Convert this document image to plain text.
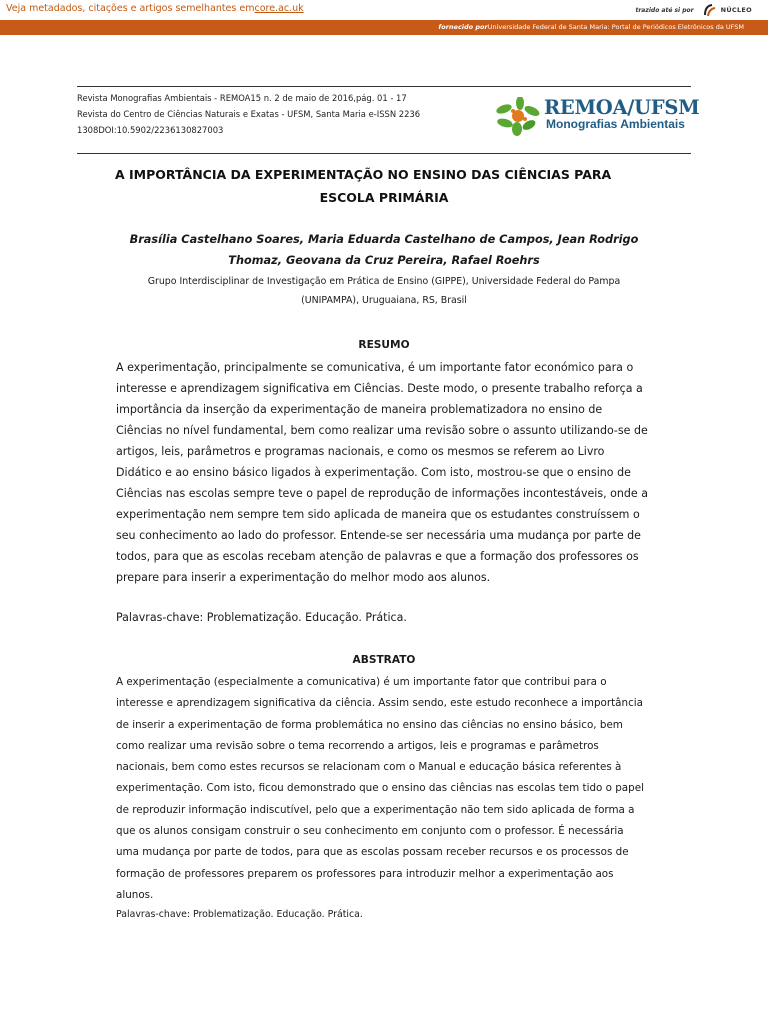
Veja metadados, citações e artigos semelhantes emcore.ac.uk	trazido até si por	NÚCLEO
fornecido porUniversidade Federal de Santa Maria: Portal de Periódicos Eletrônicos da UFSM
Revista Monografias Ambientais - REMOA15 n. 2 de maio de 2016,pág. 01 - 17
Revista do Centro de Ciências Naturais e Exatas - UFSM, Santa Maria e-ISSN 2236
1308DOI:10.5902/2236130827003
REMOA/UFSM
Monografias Ambientais
A IMPORTÂNCIA DA EXPERIMENTAÇÃO NO ENSINO DAS CIÊNCIAS PARA
ESCOLA PRIMÁRIA
Brasília Castelhano Soares, Maria Eduarda Castelhano de Campos, Jean Rodrigo
Thomaz, Geovana da Cruz Pereira, Rafael Roehrs
Grupo Interdisciplinar de Investigação em Prática de Ensino (GIPPE), Universidade Federal do Pampa
(UNIPAMPA), Uruguaiana, RS, Brasil
RESUMO
A experimentação, principalmente se comunicativa, é um importante fator económico para o
interesse e aprendizagem significativa em Ciências. Deste modo, o presente trabalho reforça a
importância da inserção da experimentação de maneira problematizadora no ensino de
Ciências no nível fundamental, bem como realizar uma revisão sobre o assunto utilizando-se de
artigos, leis, parâmetros e programas nacionais, e como os mesmos se referem ao Livro
Didático e ao ensino básico ligados à experimentação. Com isto, mostrou-se que o ensino de
Ciências nas escolas sempre teve o papel de reprodução de informações incontestáveis, onde a
experimentação nem sempre tem sido aplicada de maneira que os estudantes construíssem o
seu conhecimento ao lado do professor. Entende-se ser necessária uma mudança por parte de
todos, para que as escolas recebam atenção de palavras e que a formação dos professores os
prepare para inserir a experimentação do melhor modo aos alunos.
Palavras-chave: Problematização. Educação. Prática.
ABSTRATO
A experimentação (especialmente a comunicativa) é um importante fator que contribui para o
interesse e aprendizagem significativa da ciência. Assim sendo, este estudo reconhece a importância
de inserir a experimentação de forma problemática no ensino das ciências no ensino básico, bem
como realizar uma revisão sobre o tema recorrendo a artigos, leis e programas e parâmetros
nacionais, bem como estes recursos se relacionam com o Manual e educação básica referentes à
experimentação. Com isto, ficou demonstrado que o ensino das ciências nas escolas tem tido o papel
de reproduzir informação indiscutível, pelo que a experimentação não tem sido aplicada de forma a
que os alunos consigam construir o seu conhecimento em conjunto com o professor. É necessária
uma mudança por parte de todos, para que as escolas possam receber recursos e os processos de
formação de professores preparem os professores para introduzir melhor a experimentação aos
alunos.
Palavras-chave: Problematização. Educação. Prática.
